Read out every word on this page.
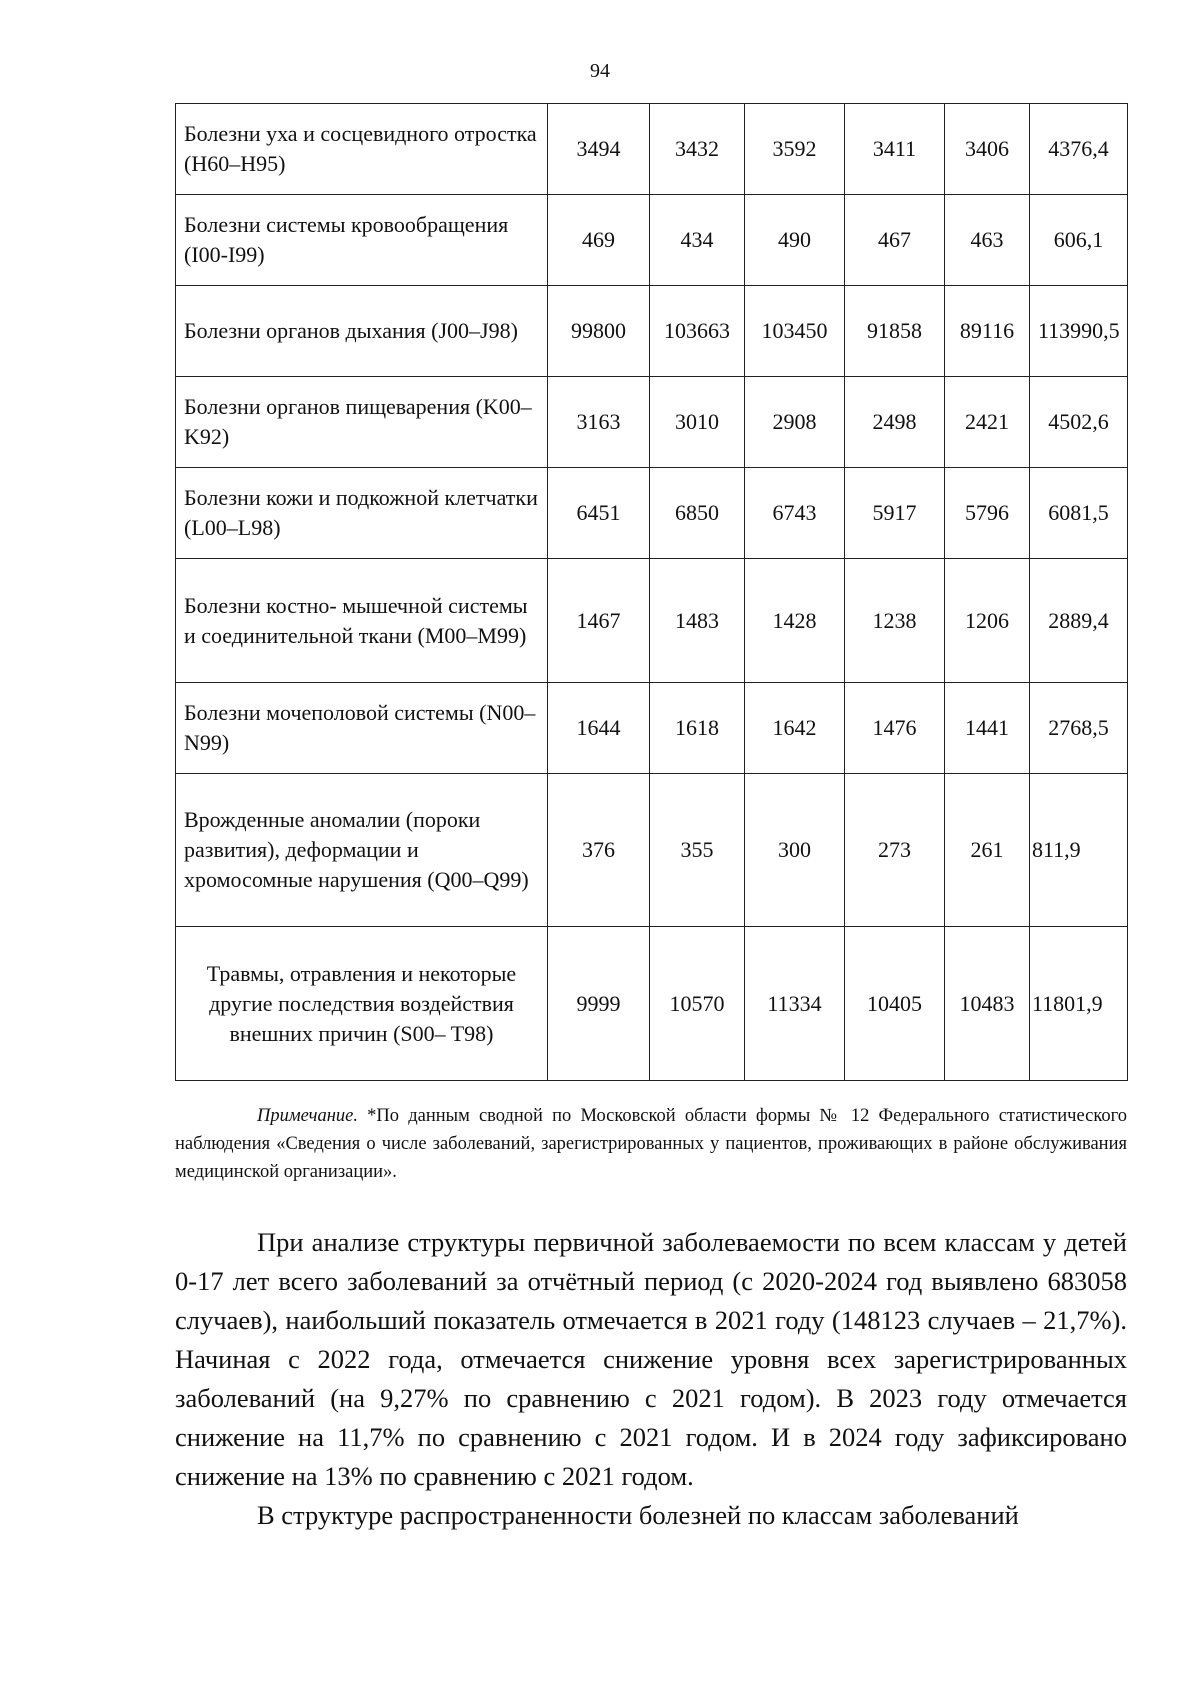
94
Болезни уха и сосцевидного отростка (H60–H95)	3494	3432	3592	3411	3406	4376,4
Болезни системы кровообращения (I00-I99)	469	434	490	467	463	606,1
Болезни органов дыхания (J00–J98)	99800	103663	103450	91858	89116	113990,5
Болезни органов пищеварения (K00–K92)	3163	3010	2908	2498	2421	4502,6
Болезни кожи и подкожной клетчатки (L00–L98)	6451	6850	6743	5917	5796	6081,5
Болезни костно- мышечной системы и соединительной ткани (M00–M99)	1467	1483	1428	1238	1206	2889,4
Болезни мочеполовой системы (N00–N99)	1644	1618	1642	1476	1441	2768,5
Врожденные аномалии (пороки развития), деформации и хромосомные нарушения (Q00–Q99)	376	355	300	273	261	811,9
Травмы, отравления и некоторые другие последствия воздействия внешних причин (S00– T98)	9999	10570	11334	10405	10483	11801,9
Примечание. *По данным сводной по Московской области формы № 12 Федерального статистического наблюдения «Сведения о числе заболеваний, зарегистрированных у пациентов, проживающих в районе обслуживания медицинской организации».

При анализе структуры первичной заболеваемости по всем классам у детей 0-17 лет всего заболеваний за отчётный период (с 2020-2024 год выявлено 683058 случаев), наибольший показатель отмечается в 2021 году (148123 случаев – 21,7%). Начиная с 2022 года, отмечается снижение уровня всех зарегистрированных заболеваний (на 9,27% по сравнению с 2021 годом). В 2023 году отмечается снижение на 11,7% по сравнению с 2021 годом. И в 2024 году зафиксировано снижение на 13% по сравнению с 2021 годом.

В структуре распространенности болезней по классам заболеваний
